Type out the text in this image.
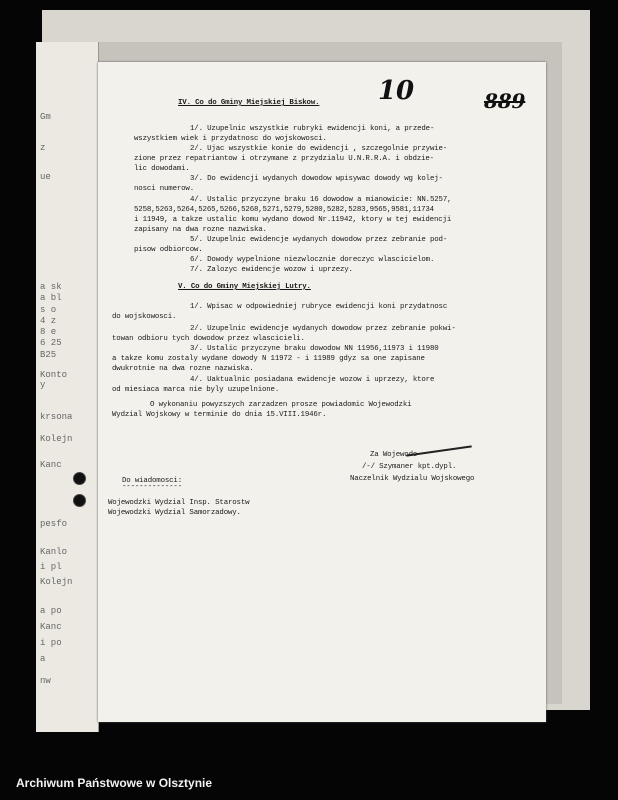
Gm
z
ue
a sk
a bl
s o
4 z
8 e
6 25
B25
Konto
y
krsona
Kolejn
Kanc
pesfo
Kanlo
i pl
Kolejn
a po
Kanc
i po
a
nw
10	889
IV. Co do Gminy Miejskiej Biskow.
1/. Uzupelnic wszystkie rubryki ewidencji koni, a przede-
wszystkiem wiek i przydatnosc do wojskowosci.
2/. Ujac wszystkie konie do ewidencji , szczegolnie przywie-
zione przez repatriantow i otrzymane z przydzialu U.N.R.R.A. i obdzie-
lic dowodami.
3/. Do ewidencji wydanych dowodow wpisywac dowody wg kolej-
nosci numerow.
4/. Ustalic przyczyne braku 16 dowodow a mianowicie: NN.5257,
5258,5263,5264,5265,5266,5268,5271,5279,5280,5282,5283,9565,9581,11734
i 11949, a takze ustalic komu wydano dowod Nr.11942, ktory w tej ewidencji
zapisany na dwa rozne nazwiska.
5/. Uzupelnic ewidencje wydanych dowodow przez zebranie pod-
pisow odbiorcow.
6/. Dowody wypelnione niezwlocznie doreczyc wlascicielom.
7/. Zalozyc ewidencje wozow i uprzezy.
V. Co do Gminy Miejskiej Lutry.
1/. Wpisac w odpowiedniej rubryce ewidencji koni przydatnosc
do wojskowosci.
2/. Uzupelnic ewidencje wydanych dowodow przez zebranie pokwi-
towan odbioru tych dowodow przez wlascicieli.
3/. Ustalic przyczyne braku dowodow NN 11956,11973 i 11980
a takze komu zostaly wydane dowody N 11972 - i 11989 gdyz sa one zapisane
dwukrotnie na dwa rozne nazwiska.
4/. Uaktualnic posiadana ewidencje wozow i uprzezy, ktore
od miesiaca marca nie byly uzupelnione.
O wykonaniu powyzszych zarzadzen prosze powiadomic Wojewodzki
Wydzial Wojskowy w terminie do dnia 15.VIII.1946r.
Za Wojewode
/-/ Szymaner kpt.dypl.
Naczelnik Wydzialu Wojskowego
Do wiadomosci:
--------------
Wojewodzki Wydzial Insp. Starostw
Wojewodzki Wydzial Samorzadowy.
Archiwum Państwowe w Olsztynie
